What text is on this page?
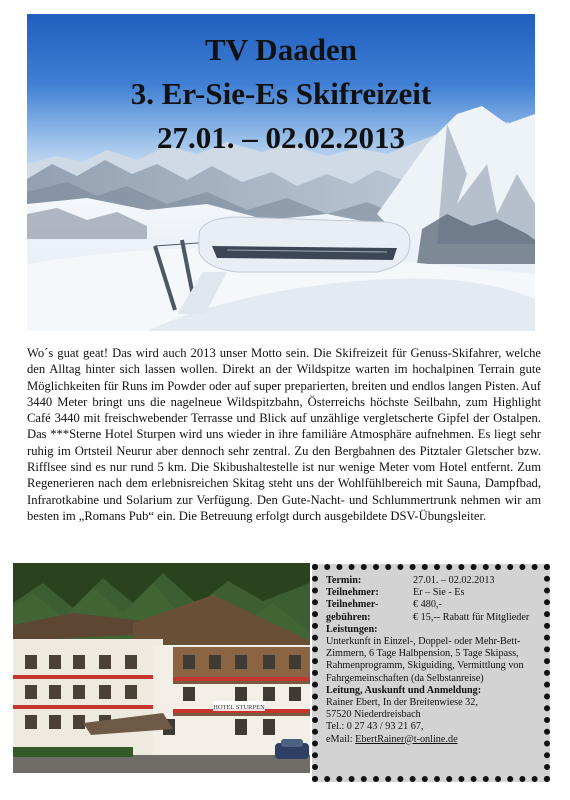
TV Daaden
3. Er-Sie-Es Skifreizeit
27.01. – 02.02.2013

Wo´s guat geat! Das wird auch 2013 unser Motto sein. Die Skifreizeit für Genuss-Skifahrer, welche den Alltag hinter sich lassen wollen. Direkt an der Wildspitze warten im hochalpinen Terrain gute Möglichkeiten für Runs im Powder oder auf super preparierten, breiten und endlos langen Pisten. Auf 3440 Meter bringt uns die nagelneue Wildspitzbahn, Österreichs höchste Seilbahn, zum Highlight Café 3440 mit freischwebender Terrasse und Blick auf unzählige vergletscherte Gipfel der Ostalpen. Das ***Sterne Hotel Sturpen wird uns wieder in ihre familiäre Atmosphäre aufnehmen. Es liegt sehr ruhig im Ortsteil Neurur aber dennoch sehr zentral. Zu den Bergbahnen des Pitztaler Gletscher bzw. Rifflsee sind es nur rund 5 km. Die Skibushaltestelle ist nur wenige Meter vom Hotel entfernt. Zum Regenerieren nach dem erlebnisreichen Skitag steht uns der Wohlfühlbereich mit Sauna, Dampfbad, Infrarotkabine und Solarium zur Verfügung. Den Gute-Nacht- und Schlummertrunk nehmen wir am besten im „Romans Pub“ ein. Die Betreuung erfolgt durch ausgebildete DSV-Übungsleiter.

HOTEL STURPEN
Termin:	27.01. – 02.02.2013
Teilnehmer:	Er – Sie - Es
Teilnehmer-	€ 480,-
gebühren:	€ 15,-- Rabatt für Mitglieder

Leistungen:

Unterkunft in Einzel-, Doppel- oder Mehr-Bett-Zimmern, 6 Tage Halbpension, 5 Tage Skipass, Rahmenprogramm, Skiguiding, Vermittlung von Fahrgemeinschaften (da Selbstanreise)

Leitung, Auskunft und Anmeldung:

Rainer Ebert, In der Breitenwiese 32,

57520 Niederdreisbach

Tel.: 0 27 43 / 93 21 67,

eMail: EbertRainer@t-online.de
